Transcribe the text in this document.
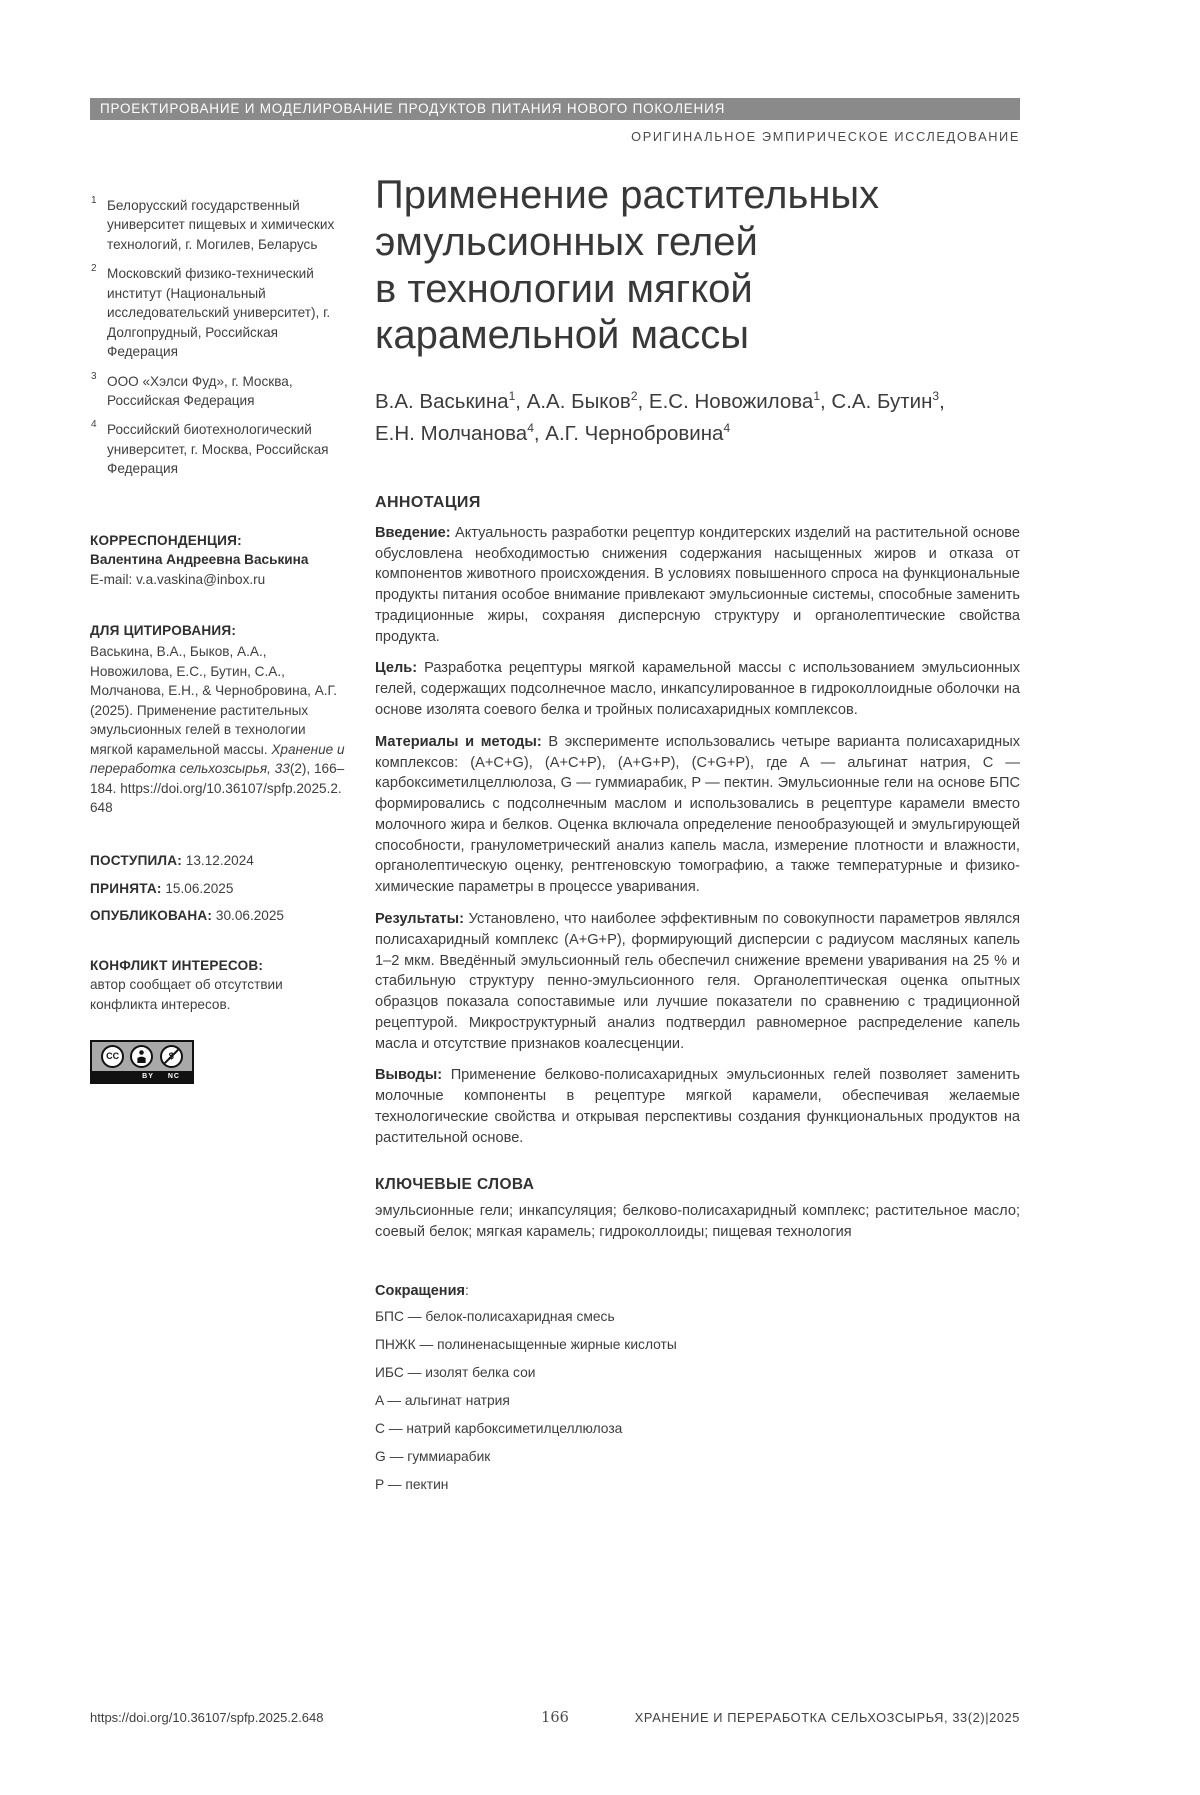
ПРОЕКТИРОВАНИЕ И МОДЕЛИРОВАНИЕ ПРОДУКТОВ ПИТАНИЯ НОВОГО ПОКОЛЕНИЯ
ОРИГИНАЛЬНОЕ ЭМПИРИЧЕСКОЕ ИССЛЕДОВАНИЕ
1 Белорусский государственный университет пищевых и химических технологий, г. Могилев, Беларусь
2 Московский физико-технический институт (Национальный исследовательский университет), г. Долгопрудный, Российская Федерация
3 ООО «Хэлси Фуд», г. Москва, Российская Федерация
4 Российский биотехнологический университет, г. Москва, Российская Федерация
КОРРЕСПОНДЕНЦИЯ:
Валентина Андреевна Васькина
E-mail: v.a.vaskina@inbox.ru
ДЛЯ ЦИТИРОВАНИЯ:
Васькина, В.А., Быков, А.А., Новожилова, Е.С., Бутин, С.А., Молчанова, Е.Н., & Чернобровина, А.Г. (2025). Применение растительных эмульсионных гелей в технологии мягкой карамельной массы. Хранение и переработка сельхозсырья, 33(2), 166–184. https://doi.org/10.36107/spfp.2025.2.648
ПОСТУПИЛА: 13.12.2024
ПРИНЯТА: 15.06.2025
ОПУБЛИКОВАНА: 30.06.2025
КОНФЛИКТ ИНТЕРЕСОВ:
автор сообщает об отсутствии конфликта интересов.
CC
BY NC
Применение растительных
эмульсионных гелей
в технологии мягкой
карамельной массы
В.А. Васькина$^1$, А.А. Быков$^2$, Е.С. Новожилова$^1$, С.А. Бутин$^3$,
Е.Н. Молчанова$^4$, А.Г. Чернобровина$^4$
АННОТАЦИЯ

Введение: Актуальность разработки рецептур кондитерских изделий на растительной основе обусловлена необходимостью снижения содержания насыщенных жиров и отказа от компонентов животного происхождения. В условиях повышенного спроса на функциональные продукты питания особое внимание привлекают эмульсионные системы, способные заменить традиционные жиры, сохраняя дисперсную структуру и органолептические свойства продукта.

Цель: Разработка рецептуры мягкой карамельной массы с использованием эмульсионных гелей, содержащих подсолнечное масло, инкапсулированное в гидроколлоидные оболочки на основе изолята соевого белка и тройных полисахаридных комплексов.

Материалы и методы: В эксперименте использовались четыре варианта полисахаридных комплексов: (A+C+G), (A+C+P), (A+G+P), (C+G+P), где A — альгинат натрия, C — карбоксиметилцеллюлоза, G — гуммиарабик, P — пектин. Эмульсионные гели на основе БПС формировались с подсолнечным маслом и использовались в рецептуре карамели вместо молочного жира и белков. Оценка включала определение пенообразующей и эмульгирующей способности, гранулометрический анализ капель масла, измерение плотности и влажности, органолептическую оценку, рентгеновскую томографию, а также температурные и физико-химические параметры в процессе уваривания.

Результаты: Установлено, что наиболее эффективным по совокупности параметров являлся полисахаридный комплекс (A+G+P), формирующий дисперсии с радиусом масляных капель 1–2 мкм. Введённый эмульсионный гель обеспечил снижение времени уваривания на 25 % и стабильную структуру пенно-эмульсионного геля. Органолептическая оценка опытных образцов показала сопоставимые или лучшие показатели по сравнению с традиционной рецептурой. Микроструктурный анализ подтвердил равномерное распределение капель масла и отсутствие признаков коалесценции.

Выводы: Применение белково-полисахаридных эмульсионных гелей позволяет заменить молочные компоненты в рецептуре мягкой карамели, обеспечивая желаемые технологические свойства и открывая перспективы создания функциональных продуктов на растительной основе.

КЛЮЧЕВЫЕ СЛОВА

эмульсионные гели; инкапсуляция; белково-полисахаридный комплекс; растительное масло; соевый белок; мягкая карамель; гидроколлоиды; пищевая технология

Сокращения:
БПС — белок-полисахаридная смесь
ПНЖК — полиненасыщенные жирные кислоты
ИБС — изолят белка сои
A — альгинат натрия
C — натрий карбоксиметилцеллюлоза
G — гуммиарабик
P — пектин
https://doi.org/10.36107/spfp.2025.2.648	166	ХРАНЕНИЕ И ПЕРЕРАБОТКА СЕЛЬХОЗСЫРЬЯ, 33(2)|2025
